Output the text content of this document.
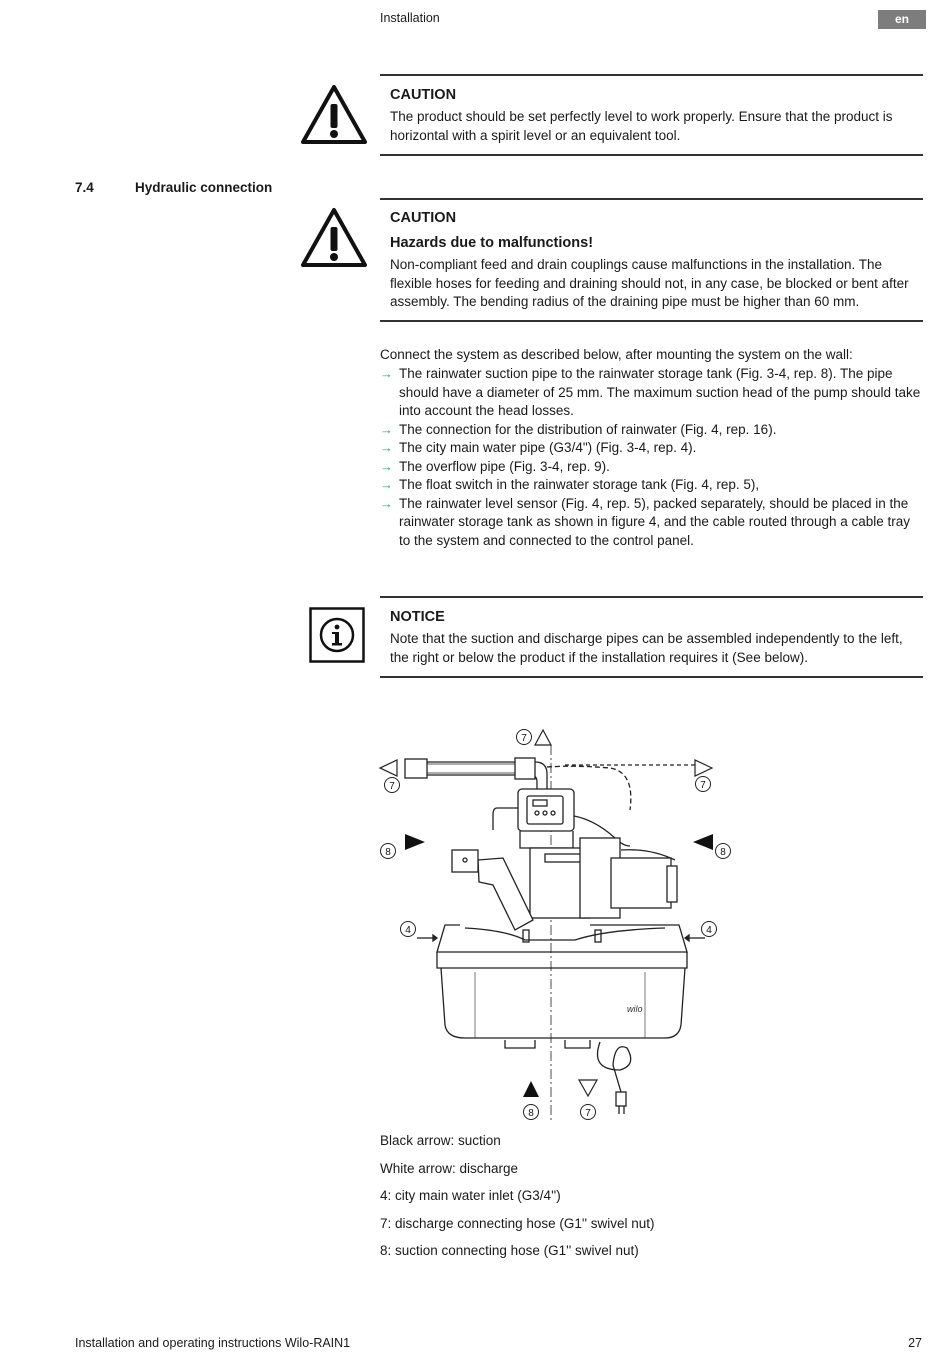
Installation	en
CAUTION
The product should be set perfectly level to work properly. Ensure that the product is horizontal with a spirit level or an equivalent tool.
7.4	Hydraulic connection
CAUTION
Hazards due to malfunctions!
Non-compliant feed and drain couplings cause malfunctions in the installation. The flexible hoses for feeding and draining should not, in any case, be blocked or bent after assembly. The bending radius of the draining pipe must be higher than 60 mm.
Connect the system as described below, after mounting the system on the wall:
→ The rainwater suction pipe to the rainwater storage tank (Fig. 3-4, rep. 8). The pipe should have a diameter of 25 mm. The maximum suction head of the pump should take into account the head losses.
→ The connection for the distribution of rainwater (Fig. 4, rep. 16).
→ The city main water pipe (G3/4") (Fig. 3-4, rep. 4).
→ The overflow pipe (Fig. 3-4, rep. 9).
→ The float switch in the rainwater storage tank (Fig. 4, rep. 5),
→ The rainwater level sensor (Fig. 4, rep. 5), packed separately, should be placed in the rainwater storage tank as shown in figure 4, and the cable routed through a cable tray to the system and connected to the control panel.
NOTICE
Note that the suction and discharge pipes can be assembled independently to the left, the right or below the product if the installation requires it (See below).
wilo
7
7	7
8	8
4	4
8	7
Black arrow: suction
White arrow: discharge
4: city main water inlet (G3/4'')
7: discharge connecting hose (G1'' swivel nut)
8: suction connecting hose (G1'' swivel nut)
Installation and operating instructions Wilo-RAIN1	27
